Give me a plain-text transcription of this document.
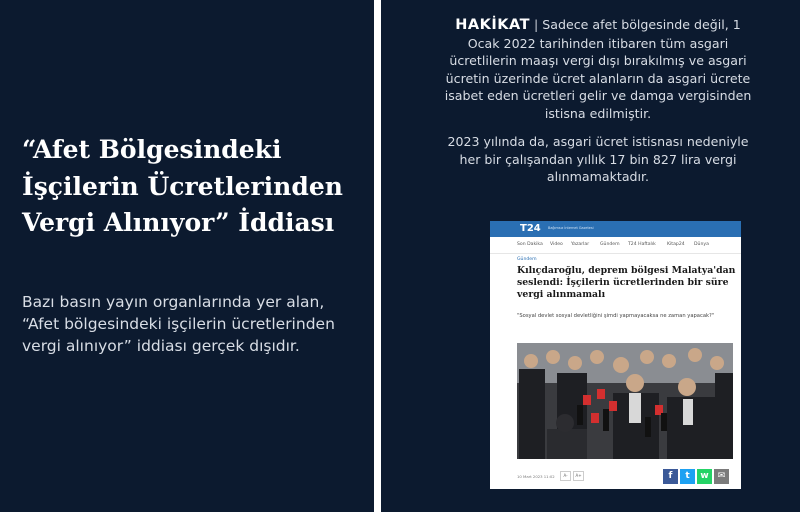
“Afet Bölgesindeki İşçilerin Ücretlerinden Vergi Alınıyor” İddiası

Bazı basın yayın organlarında yer alan, “Afet bölgesindeki işçilerin ücretlerinden vergi alınıyor” iddiası gerçek dışıdır.

HAKİKAT | Sadece afet bölgesinde değil, 1 Ocak 2022 tarihinden itibaren tüm asgari ücretlilerin maaşı vergi dışı bırakılmış ve asgari ücretin üzerinde ücret alanların da asgari ücrete isabet eden ücretleri gelir ve damga vergisinden istisna edilmiştir.

2023 yılında da, asgari ücret istisnası nedeniyle her bir çalışandan yıllık 17 bin 827 lira vergi alınmamaktadır.

T24 Bağımsız İnternet Gazetesi
Son Dakika Video Yazarlar Gündem T24 Haftalık Kitap24 Dünya
Gündem
Kılıçdaroğlu, deprem bölgesi Malatya'dan seslendi: İşçilerin ücretlerinden bir süre vergi alınmamalı

"Sosyal devlet sosyal devletliğini şimdi yapmayacaksa ne zaman yapacak?"

10 Mart 2023 11:02	A-	A+	f	t	w	✉
